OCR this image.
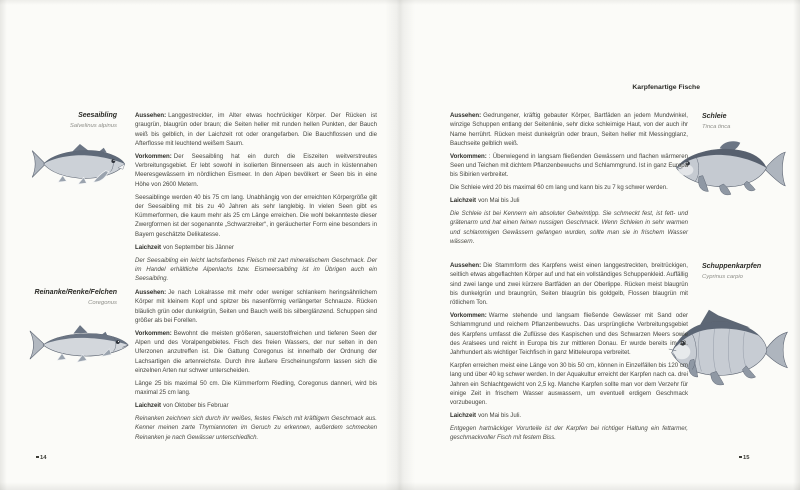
Seesaibling
Salvelinus alpinus

Aussehen: Langgestreckter, im Alter etwas hochrückiger Körper. Der Rücken ist graugrün, blaugrün oder braun; die Seiten heller mit runden hellen Punkten, der Bauch weiß bis gelblich, in der Laichzeit rot oder orangefarben. Die Bauchflossen und die Afterflosse mit leuchtend weißem Saum.

Vorkommen: Der Seesaibling hat ein durch die Eiszeiten weitverstreutes Verbreitungsgebiet. Er lebt sowohl in isolierten Binnenseen als auch in küstennahen Meeresgewässern im nördlichen Eismeer. In den Alpen bevölkert er Seen bis in eine Höhe von 2600 Metern.

Seesaiblinge werden 40 bis 75 cm lang. Unabhängig von der erreichten Körpergröße gilt der Seesaibling mit bis zu 40 Jahren als sehr langlebig. In vielen Seen gibt es Kümmerformen, die kaum mehr als 25 cm Länge erreichen. Die wohl bekannteste dieser Zwergformen ist der sogenannte „Schwarzreiter“, in geräucherter Form eine besonders in Bayern geschätzte Delikatesse.

Laichzeit von September bis Jänner

Der Seesaibling ein leicht lachsfarbenes Fleisch mit zart mineralischem Geschmack. Der im Handel erhältliche Alpenlachs bzw. Eismeersaibling ist im Übrigen auch ein Seesaibling.

Reinanke/Renke/Felchen
Coregonus

Aussehen: Je nach Lokalrasse mit mehr oder weniger schlankem heringsähnlichem Körper mit kleinem Kopf und spitzer bis nasenförmig verlängerter Schnauze. Rücken bläulich grün oder dunkelgrün, Seiten und Bauch weiß bis silberglänzend. Schuppen sind größer als bei Forellen.

Vorkommen: Bewohnt die meisten größeren, sauerstoffreichen und tieferen Seen der Alpen und des Voralpengebietes. Fisch des freien Wassers, der nur selten in den Uferzonen anzutreffen ist. Die Gattung Coregonus ist innerhalb der Ordnung der Lachsartigen die artenreichste. Durch ihre äußere Erscheinungsform lassen sich die einzelnen Arten nur schwer unterscheiden.

Länge 25 bis maximal 50 cm. Die Kümmerform Riedling, Coregonus danneri, wird bis maximal 25 cm lang.

Laichzeit von Oktober bis Februar

Reinanken zeichnen sich durch ihr weißes, festes Fleisch mit kräftigem Geschmack aus. Kenner meinen zarte Thymiannoten im Geruch zu erkennen, außerdem schmecken Reinanken je nach Gewässer unterschiedlich.

14
Karpfenartige Fische
Schleie
Tinca tinca

Aussehen: Gedrungener, kräftig gebauter Körper, Bartfäden an jedem Mundwinkel, winzige Schuppen entlang der Seitenlinie, sehr dicke schleimige Haut, von der auch ihr Name herrührt. Rücken meist dunkelgrün oder braun, Seiten heller mit Messingglanz, Bauchseite gelblich weiß.

Vorkommen: : Überwiegend in langsam fließenden Gewässern und flachen wärmeren Seen und Teichen mit dichtem Pflanzenbewuchs und Schlammgrund. Ist in ganz Europa bis Sibirien verbreitet.

Die Schleie wird 20 bis maximal 60 cm lang und kann bis zu 7 kg schwer werden.

Laichzeit von Mai bis Juli

Die Schleie ist bei Kennern ein absoluter Geheimtipp. Sie schmeckt fest, ist fett- und grätenarm und hat einen feinen nussigen Geschmack. Wenn Schleien in sehr warmen und schlammigen Gewässern gefangen wurden, sollte man sie in frischem Wasser wässern.

Schuppenkarpfen
Cyprinus carpio

Aussehen: Die Stammform des Karpfens weist einen langgestreckten, breitrückigen, seitlich etwas abgeflachten Körper auf und hat ein vollständiges Schuppenkleid. Auffällig sind zwei lange und zwei kürzere Bartfäden an der Oberlippe. Rücken meist blaugrün bis dunkelgrün und braungrün, Seiten blaugrün bis goldgelb, Flossen blaugrün mit rötlichem Ton.

Vorkommen: Warme stehende und langsam fließende Gewässer mit Sand oder Schlammgrund und reichem Pflanzenbewuchs. Das ursprüngliche Verbreitungsgebiet des Karpfens umfasst die Zuflüsse des Kaspischen und des Schwarzen Meers sowie des Aralsees und reicht in Europa bis zur mittleren Donau. Er wurde bereits im 13. Jahrhundert als wichtiger Teichfisch in ganz Mitteleuropa verbreitet.

Karpfen erreichen meist eine Länge von 30 bis 50 cm, können in Einzelfällen bis 120 cm lang und über 40 kg schwer werden. In der Aquakultur erreicht der Karpfen nach ca. drei Jahren ein Schlachtgewicht von 2,5 kg. Manche Karpfen sollte man vor dem Verzehr für einige Zeit in frischem Wasser auswassern, um eventuell erdigem Geschmack vorzubeugen.

Laichzeit von Mai bis Juli.

Entgegen hartnäckiger Vorurteile ist der Karpfen bei richtiger Haltung ein fettarmer, geschmackvoller Fisch mit festem Biss.

15
